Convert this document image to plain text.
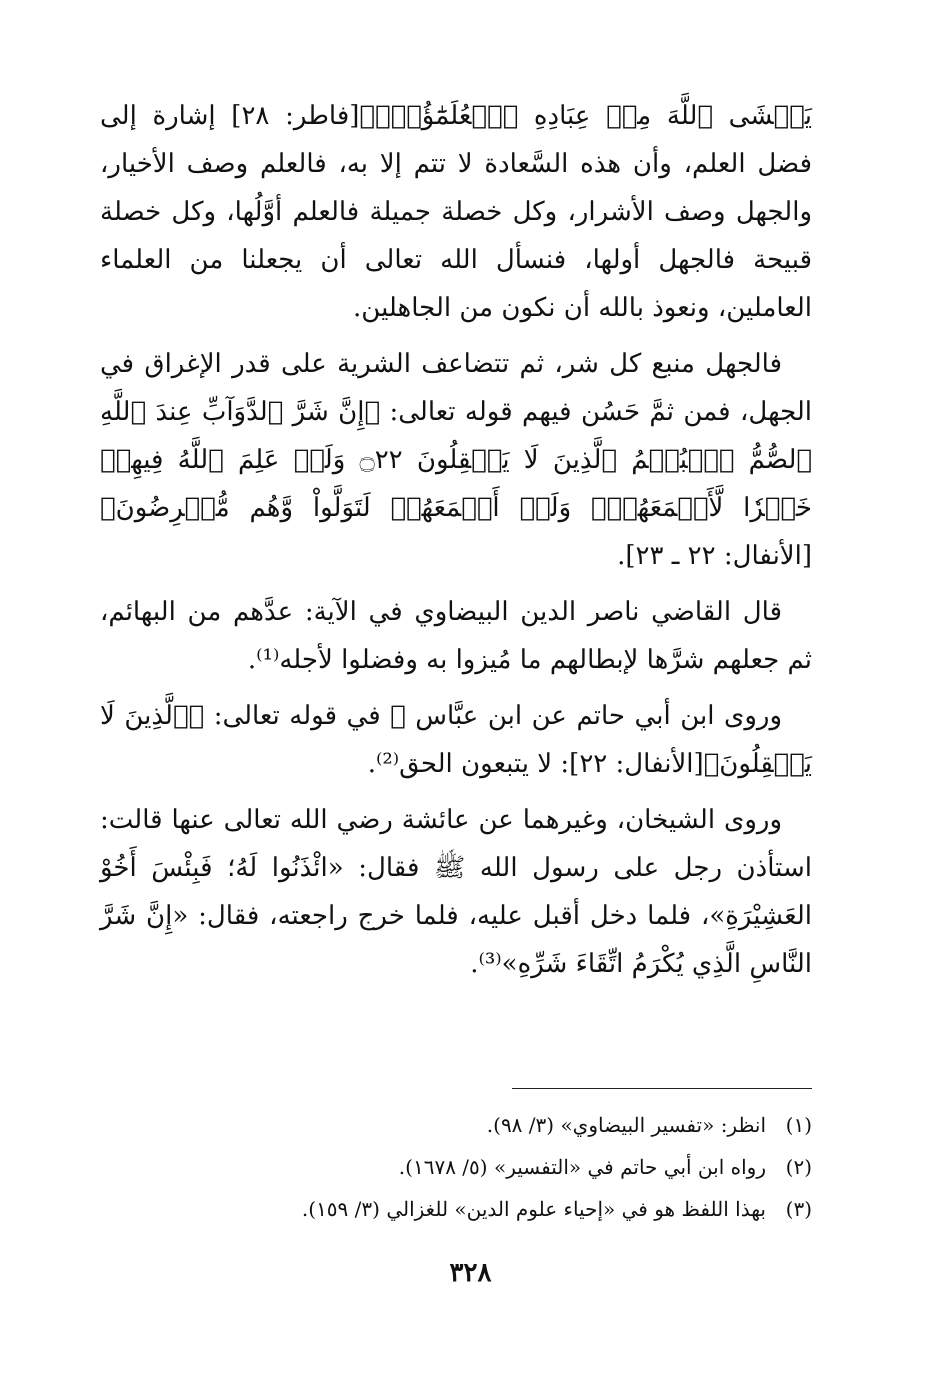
يَخۡشَى ٱللَّهَ مِنۡ عِبَادِهِ ٱلۡعُلَمَٰٓؤُاْۗ﴾[فاطر: ٢٨] إشارة إلى فضل العلم، وأن هذه السَّعادة لا تتم إلا به، فالعلم وصف الأخيار، والجهل وصف الأشرار، وكل خصلة جميلة فالعلم أوَّلُها، وكل خصلة قبيحة فالجهل أولها، فنسأل الله تعالى أن يجعلنا من العلماء العاملين، ونعوذ بالله أن نكون من الجاهلين.

فالجهل منبع كل شر، ثم تتضاعف الشرية على قدر الإغراق في الجهل، فمن ثمَّ حَسُن فيهم قوله تعالى: ﴿إِنَّ شَرَّ ٱلدَّوَآبِّ عِندَ ٱللَّهِ ٱلصُّمُّ ٱلۡبُكۡمُ ٱلَّذِينَ لَا يَعۡقِلُونَ ۝٢٢ وَلَوۡ عَلِمَ ٱللَّهُ فِيهِمۡ خَيۡرٗا لَّأَسۡمَعَهُمۡۖ وَلَوۡ أَسۡمَعَهُمۡ لَتَوَلَّواْ وَّهُم مُّعۡرِضُونَ﴾[الأنفال: ٢٢ ـ ٢٣].

قال القاضي ناصر الدين البيضاوي في الآية: عدَّهم من البهائم، ثم جعلهم شرَّها لإبطالهم ما مُيزوا به وفضلوا لأجله⁽¹⁾.

وروى ابن أبي حاتم عن ابن عبَّاس ﷺ في قوله تعالى: ﴿ٱلَّذِينَ لَا يَعۡقِلُونَ﴾[الأنفال: ٢٢]: لا يتبعون الحق⁽²⁾.

وروى الشيخان، وغيرهما عن عائشة رضي الله تعالى عنها قالت: استأذن رجل على رسول الله ﷺ فقال: «ائْذَنُوا لَهُ؛ فَبِئْسَ أَخُوْ العَشِيْرَةِ»، فلما دخل أقبل عليه، فلما خرج راجعته، فقال: «إِنَّ شَرَّ النَّاسِ الَّذِي يُكْرَمُ اتِّقَاءَ شَرِّهِ»⁽³⁾.

(١)
انظر: «تفسير البيضاوي» (٣/ ٩٨).
(٢)
رواه ابن أبي حاتم في «التفسير» (٥/ ١٦٧٨).
(٣)
بهذا اللفظ هو في «إحياء علوم الدين» للغزالي (٣/ ١٥٩).
٣٢٨
